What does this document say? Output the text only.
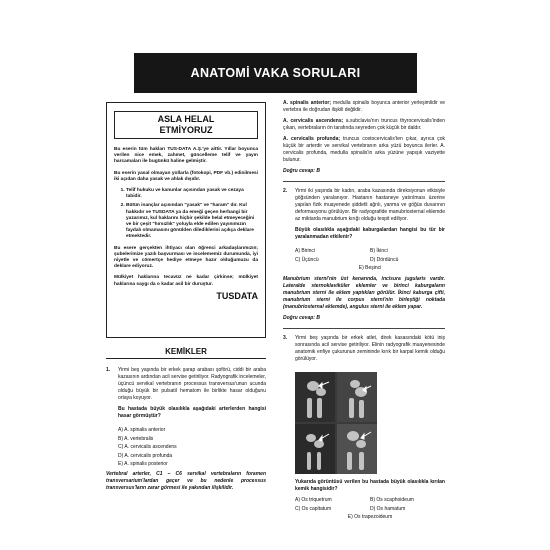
ANATOMİ VAKA SORULARI
ASLA HELAL ETMİYORUZ

Bu eserin tüm hakları TUS-DATA A.Ş.'ye aittir. Yıllar boyunca verilen nice emek, zahmet, güncelleme telif ve yayın harcamaları ile bugünkü haline gelmiştir.

Bu eserin yasal olmayan yollarla (fotokopi, PDF vb.) edinilmesi iki açıdan daha yasak ve ahlak dışıdır.

1. Telif hukuku ve kanunlar açısından yasak ve cezaya tabidir.
2. Bütün inançlar açısından "yasak" ve "haram" dır. Kul hakkıdır ve TUSDATA ya da emeği geçen herhangi bir yazarımız, kul haklarını hiçbir şekilde helal etmeyeceğini ve bir çeşit "hırsızlık" yoluyla elde edilen yayınımızın faydalı olmamasını gönülden dilediklerini açıkça deklare etmektedir.

Bu esere gerçekten ihtiyacı olan öğrenci arkadaşlarımızın; şubelerimize yazılı başvurması ve incelememiz durumunda, iyi niyetle ve cömertçe hediye etmeye hazır olduğumuzu da deklare ediyoruz.

Mülkiyet haklarına tecavüz ne kadar çirkinse; mülkiyet haklarına saygı da o kadar asil bir duruştur.

TUSDATA
KEMİKLER
1.	Yirmi beş yaşında bir erkek şarap arabası şoförü, ciddi bir araba kazasının ardından acil servise getiriliyor. Radyografik incelemeler, üçüncü servikal vertebranın processus transversus'unun ucunda olduğu büyük bir pulsatil hematom ile birlikte hasar olduğunu ortaya koyuyor.
Bu hastada büyük olasılıkla aşağıdaki arterlerden hangisi hasar görmüştür?
A) A. spinalis anterior
B) A. vertebralis
C) A. cervicalis ascendens
D) A. cervicalis profunda
E) A. spinalis posterior
Vertebral arterler, C1 – C6 servikal vertebraların foramen transversarium'lardan geçer ve bu nedenle processus transversus'ların zarar görmesi ile yakından ilişkilidir.
A. spinalis anterior; medulla spinalis boyunca anterior yerleşimlidir ve vertebra ile doğrudan ilişkili değildir.
A. cervicalis ascendens; a.subclavia'nın truncus thyrocervicalis'inden çıkan, vertebraların ön tarafında seyreden çok küçük bir daldır.
A. cervicalis profunda; truncus costocervicalis'ten çıkar, ayrıca çok küçük bir arterdir ve servikal vertebranın arka yüzü boyunca ilerler. A. cervicalis profunda, medulla spinalis'in arka yüzüne yapışık vaziyette bulunur.
Doğru cevap: B
2.	Yirmi iki yaşında bir kadın, araba kazasında direksiyonun etkisiyle göğsünden yaralanıyor. Hastanın hastaneye yatırılması üzerine yapılan fizik muayenede şiddetli ağrılı, yanma ve göğüs duvarının deformasyonu görülüyor. Bir radyografide manubriosternal eklemde az miktarda manubrium kırığı olduğu tespit ediliyor.
Büyük olasılıkla aşağıdaki kaburgalardan hangisi bu tür bir yaralanmadan etkilenir?
A) Birinci	B) İkinci
C) Üçüncü	D) Dördüncü
E) Beşinci
Manubrium sterni'nin üst kenarında, incisura jugularis vardır. Lateralde sternoklaviküler eklemler ve birinci kaburgaların manubrium sterni ile eklem yaptıkları görülür. İkinci kaburga çifti, manubrium sterni ile corpus sterni'nin birleştiği noktada (manubriosternal eklemde), angulus sterni ile eklem yapar.
Doğru cevap: B
3.	Yirmi beş yaşında bir erkek atlet, direk kasasındaki kötü iniş sonrasında acil servise getiriliyor. Elinin radyografik muayenesinde anatomik enfiye çukurunun zemininde kırık bir karpal kemik olduğu görülüyor.
Yukarıda görüntüsü verilen bu hastada büyük olasılıkla kırılan kemik hangisidir?
A) Os triquetrum	B) Os scaphoideum
C) Os capitatum	D) Os hamatum
E) Os trapezoideum
